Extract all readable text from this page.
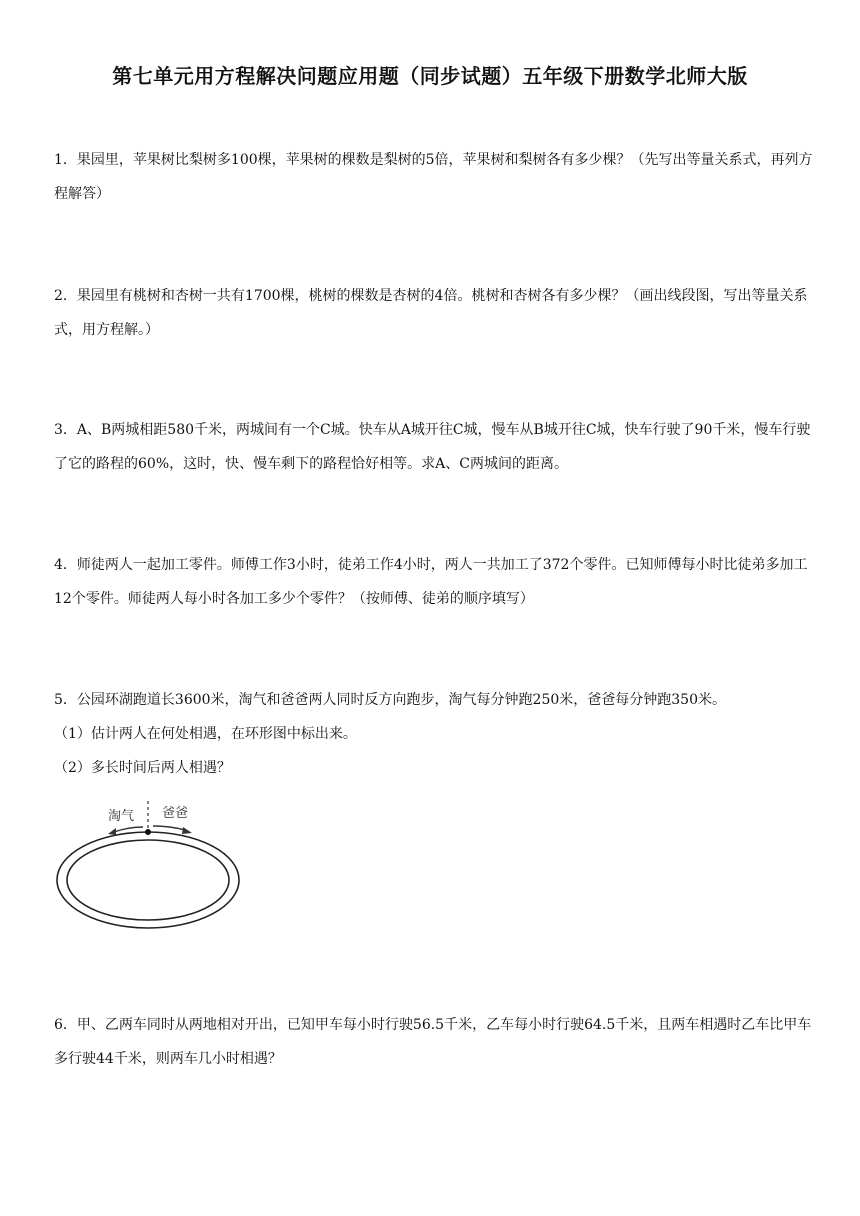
第七单元用方程解决问题应用题（同步试题）五年级下册数学北师大版

1．果园里，苹果树比梨树多100棵，苹果树的棵数是梨树的5倍，苹果树和梨树各有多少棵？（先写出等量关系式，再列方程解答）

2．果园里有桃树和杏树一共有1700棵，桃树的棵数是杏树的4倍。桃树和杏树各有多少棵？（画出线段图，写出等量关系式，用方程解。）

3．A、B两城相距580千米，两城间有一个C城。快车从A城开往C城，慢车从B城开往C城，快车行驶了90千米，慢车行驶了它的路程的60%，这时，快、慢车剩下的路程恰好相等。求A、C两城间的距离。

4．师徒两人一起加工零件。师傅工作3小时，徒弟工作4小时，两人一共加工了372个零件。已知师傅每小时比徒弟多加工12个零件。师徒两人每小时各加工多少个零件？（按师傅、徒弟的顺序填写）

5．公园环湖跑道长3600米，淘气和爸爸两人同时反方向跑步，淘气每分钟跑250米，爸爸每分钟跑350米。

（1）估计两人在何处相遇，在环形图中标出来。

（2）多长时间后两人相遇？

淘气 爸爸

6．甲、乙两车同时从两地相对开出，已知甲车每小时行驶56.5千米，乙车每小时行驶64.5千米，且两车相遇时乙车比甲车多行驶44千米，则两车几小时相遇？
